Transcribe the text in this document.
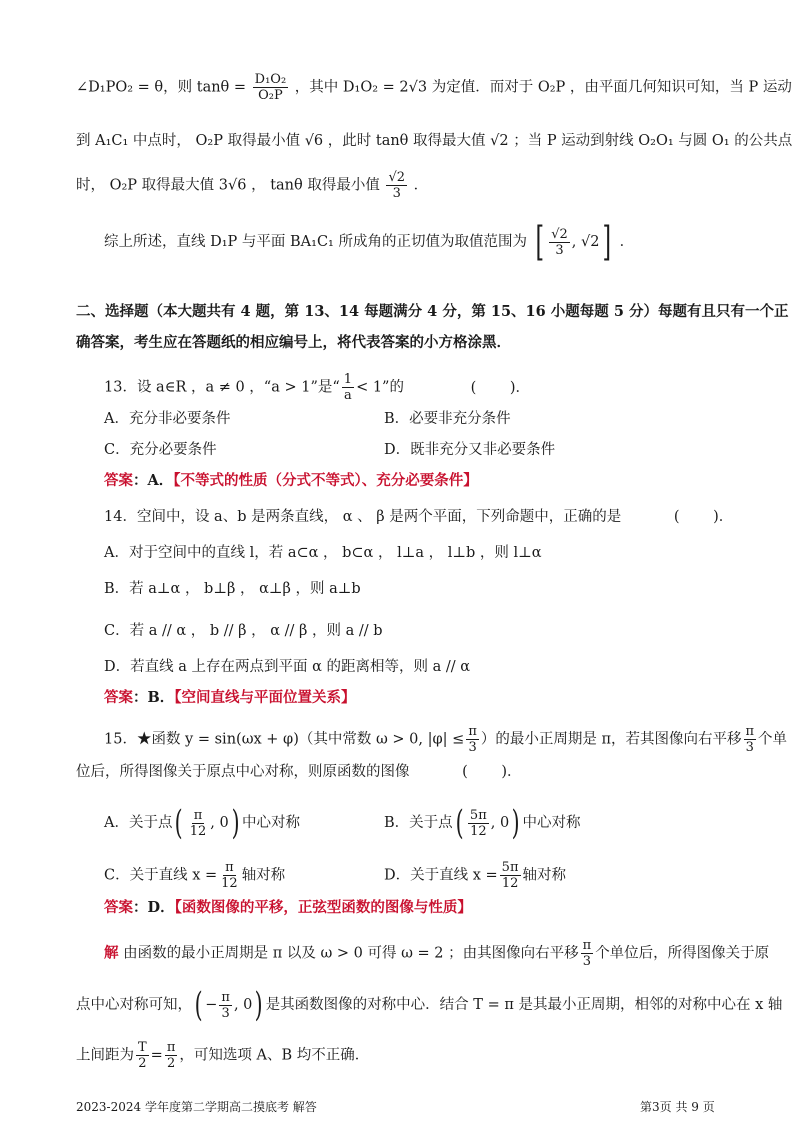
∠D₁PO₂ = θ，则 $\tan\theta = \frac{\text{D₁O₂}}{\text{O₂P}}$ ，其中 D₁O₂ = 2√3 为定值．而对于 O₂P ，由平面几何知识可知，当 P 运动
到 A₁C₁ 中点时， O₂P 取得最小值 √6 ，此时 tanθ 取得最大值 √2 ；当 P 运动到射线 O₂O₁ 与圆 O₁ 的公共点
时， O₂P 取得最大值 3√6 ， tanθ 取得最小值 $\frac{√2}{3}$ ．
综上所述，直线 D₁P 与平面 BA₁C₁ 所成角的正切值为取值范围为 [ $\frac{√2}{3}$ , √2] ．
二、选择题（本大题共有 4 题，第 13、14 每题满分 4 分，第 15、16 小题每题 5 分）每题有且只有一个正
确答案，考生应在答题纸的相应编号上，将代表答案的小方格涂黑．
13．设 a∈R ，a ≠ 0 ，“a > 1”是“ $\frac{1}{a} < 1$”的	(　　 )．
A．充分非必要条件	B．必要非充分条件
C．充分必要条件	D．既非充分又非必要条件
答案：A．【不等式的性质（分式不等式）、充分必要条件】
14．空间中，设 a、b 是两条直线， α 、 β 是两个平面，下列命题中，正确的是	(　　 )．
A．对于空间中的直线 l，若 a⊂α ， b⊂α ， l⊥a ， l⊥b ，则 l⊥α
B．若 a⊥α ， b⊥β ， α⊥β ，则 a⊥b
C．若 a // α ， b // β ， α // β ，则 a // b
D．若直线 a 上存在两点到平面 α 的距离相等，则 a // α
答案：B．【空间直线与平面位置关系】
15．★函数 y = sin(ωx + φ)（其中常数 ω > 0, $|\varphi| \le \frac{\pi}{3}$ ）的最小正周期是 π，若其图像向右平移 $\frac{\pi}{3}$ 个单
位后，所得图像关于原点中心对称，则原函数的图像	(　　 )．
A．关于点( $\frac{\pi}{12}$ , 0) 中心对称	B．关于点( $\frac{5\pi}{12}$ , 0) 中心对称
C．关于直线 $x = \frac{\pi}{12}$ 轴对称	D．关于直线 $x = \frac{5\pi}{12}$ 轴对称
答案：D．【函数图像的平移，正弦型函数的图像与性质】
解 由函数的最小正周期是 π 以及 ω > 0 可得 ω = 2 ；由其图像向右平移 $\frac{\pi}{3}$ 个单位后，所得图像关于原
点中心对称可知，( − $\frac{\pi}{3}$ , 0) 是其函数图像的对称中心．结合 T = π 是其最小正周期，相邻的对称中心在 x 轴
上间距为 $\frac{T}{2} = \frac{\pi}{2}$ ，可知选项 A、B 均不正确．
2023-2024 学年度第二学期高二摸底考 解答	第3页 共 9 页
